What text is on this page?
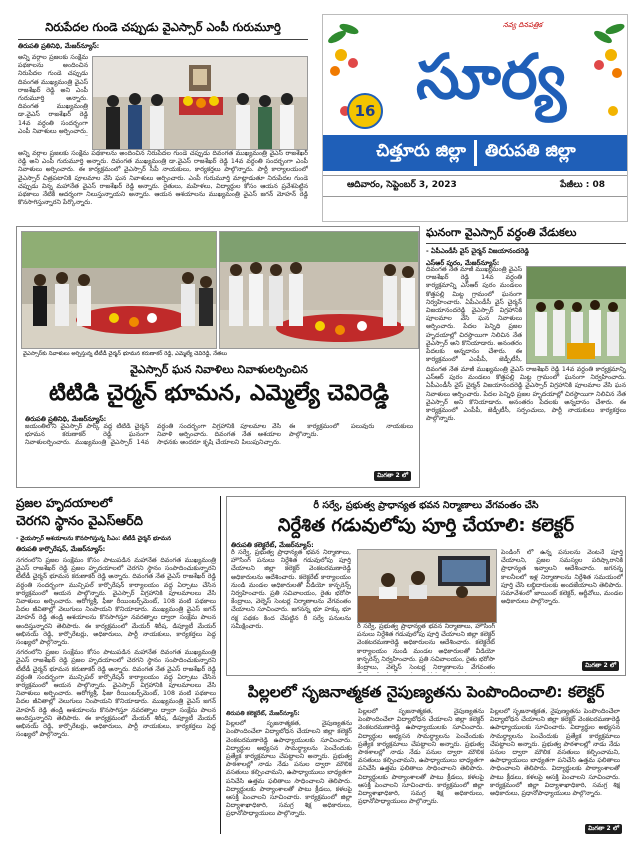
నిరుపేదల గుండె చప్పుడు వైఎస్సార్ ఎంపీ గురుమూర్తి
తిరుపతి ప్రతినిధి, మేజర్‌న్యూస్:

అన్ని వర్గాల ప్రజలకు సంక్షేమ పథకాలను అందించిన నిరుపేదల గుండె చప్పుడు దివంగత ముఖ్యమంత్రి వైఎస్ రాజశేఖర్ రెడ్డి అని ఎంపీ గురుమూర్తి అన్నారు. దివంగత ముఖ్యమంత్రి డా.వైఎస్ రాజశేఖర్ రెడ్డి 14వ వర్ధంతి సందర్భంగా ఎంపీ నివాళులు అర్పించారు.

అన్ని వర్గాల ప్రజలకు సంక్షేమ పథకాలను అందించిన నిరుపేదల గుండె చప్పుడు దివంగత ముఖ్యమంత్రి వైఎస్ రాజశేఖర్ రెడ్డి అని ఎంపీ గురుమూర్తి అన్నారు. దివంగత ముఖ్యమంత్రి డా.వైఎస్ రాజశేఖర్ రెడ్డి 14వ వర్ధంతి సందర్భంగా ఎంపీ నివాళులు అర్పించారు. ఈ కార్యక్రమంలో వైఎస్సార్ సీపీ నాయకులు, కార్యకర్తలు పాల్గొన్నారు. పార్టీ కార్యాలయంలో వైఎస్సార్ చిత్రపటానికి పూలమాల వేసి ఘన నివాళులు అర్పించారు. ఎంపీ గురుమూర్తి మాట్లాడుతూ నిరుపేదల గుండె చప్పుడు విన్న మహానేత వైఎస్ రాజశేఖర్ రెడ్డి అన్నారు. రైతులు, మహిళలు, విద్యార్థుల కోసం ఆయన ప్రవేశపెట్టిన పథకాలు నేటికీ ఆదర్శంగా నిలుస్తున్నాయని అన్నారు. ఆయన ఆశయాలను ముఖ్యమంత్రి వైఎస్ జగన్ మోహన్ రెడ్డి కొనసాగిస్తున్నారని పేర్కొన్నారు.

నవ్య దినపత్రిక
16 సూర్య
చిత్తూరు జిల్లా తిరుపతి జిల్లా
ఆదివారం, సెప్టెంబర్ 3, 2023	పేజీలు : 08
వైఎస్సార్‌కు నివాళులు అర్పిస్తున్న టీటీడీ చైర్మన్ భూమన కరుణాకర్ రెడ్డి, ఎమ్మెల్యే చెవిరెడ్డి, నేతలు
వైఎస్సార్ ఘన నివాళిలు నివాళులర్పించిన
టిటిడి చైర్మన్ భూమన, ఎమ్మెల్యే చెవిరెడ్డి
తిరుపతి ప్రతినిధి, మేజర్‌న్యూస్:

జయంతిలోని వైఎస్సార్ పార్క్ వద్ద టీటీడీ చైర్మన్ భూమన కరుణాకర్ రెడ్డి ఘనంగా నివాళులర్పించారు. ముఖ్యమంత్రి వైఎస్సార్ 14వ వర్ధంతి సందర్భంగా విగ్రహానికి పూలమాల వేసి నివాళి అర్పించారు. దివంగత నేత ఆశయాల సాధనకు అందరూ కృషి చేయాలని పిలుపునిచ్చారు. ఈ కార్యక్రమంలో పలువురు నాయకులు పాల్గొన్నారు.

మిగతా 2 లో
ఘనంగా వైఎస్సార్ వర్ధంతి వేడుకలు
- ఏపీఎండీసీ వైస్ చైర్మన్ విజయానందరెడ్డి
ఎస్ఆర్ పురం, మేజర్‌న్యూస్:

దివంగత నేత మాజీ ముఖ్యమంత్రి వైఎస్ రాజశేఖర్ రెడ్డి 14వ వర్ధంతి కార్యక్రమాన్ని ఎస్ఆర్ పురం మండలం కొత్తపల్లి మిట్ట గ్రామంలో ఘనంగా నిర్వహించారు. ఏపీఎండీసీ వైస్ చైర్మన్ విజయానందరెడ్డి వైఎస్సార్ విగ్రహానికి పూలమాల వేసి ఘన నివాళులు అర్పించారు. పేదల పెన్నిధి ప్రజల హృదయాల్లో చిరస్థాయిగా నిలిచిన నేత వైఎస్సార్ అని కొనియాడారు. అనంతరం పేదలకు అన్నదానం చేశారు. ఈ కార్యక్రమంలో ఎంపీపీ, జెడ్పీటీసీ,

దివంగత నేత మాజీ ముఖ్యమంత్రి వైఎస్ రాజశేఖర్ రెడ్డి 14వ వర్ధంతి కార్యక్రమాన్ని ఎస్ఆర్ పురం మండలం కొత్తపల్లి మిట్ట గ్రామంలో ఘనంగా నిర్వహించారు. ఏపీఎండీసీ వైస్ చైర్మన్ విజయానందరెడ్డి వైఎస్సార్ విగ్రహానికి పూలమాల వేసి ఘన నివాళులు అర్పించారు. పేదల పెన్నిధి ప్రజల హృదయాల్లో చిరస్థాయిగా నిలిచిన నేత వైఎస్సార్ అని కొనియాడారు. అనంతరం పేదలకు అన్నదానం చేశారు. ఈ కార్యక్రమంలో ఎంపీపీ, జెడ్పీటీసీ, సర్పంచులు, పార్టీ నాయకులు కార్యకర్తలు పాల్గొన్నారు.

ప్రజల హృదయాలలో
చెరగని స్థానం వైఎస్ఆర్‌ది
- వైయస్సార్ ఆశయాలను కొనసాగిస్తున్న సీఎం: టీటీడీ చైర్మన్ భూమన
తిరుపతి కార్పొరేషన్, మేజర్‌న్యూస్:

నగరంలోని ప్రజల సంక్షేమం కోసం పాటుపడిన మహానేత దివంగత ముఖ్యమంత్రి వైఎస్ రాజశేఖర్ రెడ్డి ప్రజల హృదయాలలో చెరగని స్థానం సంపాదించుకున్నారని టీటీడీ చైర్మన్ భూమన కరుణాకర్ రెడ్డి అన్నారు. దివంగత నేత వైఎస్ రాజశేఖర్ రెడ్డి వర్ధంతి సందర్భంగా మున్సిపల్ కార్పొరేషన్ కార్యాలయం వద్ద ఏర్పాటు చేసిన కార్యక్రమంలో ఆయన పాల్గొన్నారు. వైఎస్సార్ విగ్రహానికి పూలమాలలు వేసి నివాళులు అర్పించారు. ఆరోగ్యశ్రీ, ఫీజు రీయింబర్స్‌మెంట్, 108 వంటి పథకాలు పేదల జీవితాల్లో వెలుగులు నింపాయని కొనియాడారు. ముఖ్యమంత్రి వైఎస్ జగన్ మోహన్ రెడ్డి తండ్రి ఆశయాలను కొనసాగిస్తూ నవరత్నాల ద్వారా సంక్షేమ పాలన అందిస్తున్నారని తెలిపారు. ఈ కార్యక్రమంలో మేయర్ శిరీష, డిప్యూటీ మేయర్ అభినయ్ రెడ్డి, కార్పొరేటర్లు, అధికారులు, పార్టీ నాయకులు, కార్యకర్తలు పెద్ద సంఖ్యలో పాల్గొన్నారు.

నగరంలోని ప్రజల సంక్షేమం కోసం పాటుపడిన మహానేత దివంగత ముఖ్యమంత్రి వైఎస్ రాజశేఖర్ రెడ్డి ప్రజల హృదయాలలో చెరగని స్థానం సంపాదించుకున్నారని టీటీడీ చైర్మన్ భూమన కరుణాకర్ రెడ్డి అన్నారు. దివంగత నేత వైఎస్ రాజశేఖర్ రెడ్డి వర్ధంతి సందర్భంగా మున్సిపల్ కార్పొరేషన్ కార్యాలయం వద్ద ఏర్పాటు చేసిన కార్యక్రమంలో ఆయన పాల్గొన్నారు. వైఎస్సార్ విగ్రహానికి పూలమాలలు వేసి నివాళులు అర్పించారు. ఆరోగ్యశ్రీ, ఫీజు రీయింబర్స్‌మెంట్, 108 వంటి పథకాలు పేదల జీవితాల్లో వెలుగులు నింపాయని కొనియాడారు. ముఖ్యమంత్రి వైఎస్ జగన్ మోహన్ రెడ్డి తండ్రి ఆశయాలను కొనసాగిస్తూ నవరత్నాల ద్వారా సంక్షేమ పాలన అందిస్తున్నారని తెలిపారు. ఈ కార్యక్రమంలో మేయర్ శిరీష, డిప్యూటీ మేయర్ అభినయ్ రెడ్డి, కార్పొరేటర్లు, అధికారులు, పార్టీ నాయకులు, కార్యకర్తలు పెద్ద సంఖ్యలో పాల్గొన్నారు.

రీ సర్వే, ప్రభుత్వ ప్రాధాన్యత భవన నిర్మాణాలు వేగవంతం చేసి
నిర్దేశిత గడువులోపు పూర్తి చేయాలి: కలెక్టర్
తిరుపతి కలెక్టరేట్, మేజర్‌న్యూస్:

రీ సర్వే, ప్రభుత్వ ప్రాధాన్యత భవన నిర్మాణాలు, హౌసింగ్ పనులు నిర్దేశిత గడువులోపు పూర్తి చేయాలని జిల్లా కలెక్టర్ వెంకటరమణారెడ్డి అధికారులను ఆదేశించారు. కలెక్టరేట్ కార్యాలయం నుండి మండల అధికారులతో వీడియో కాన్ఫరెన్స్ నిర్వహించారు. ప్రతి సచివాలయం, రైతు భరోసా కేంద్రాలు, వెల్నెస్ సెంటర్ల నిర్మాణాలను వేగవంతం చేయాలని సూచించారు. జగనన్న భూ హక్కు భూ రక్ష పథకం కింద చేపట్టిన రీ సర్వే పనులను సమీక్షించారు.	రీ సర్వే, ప్రభుత్వ ప్రాధాన్యత భవన నిర్మాణాలు, హౌసింగ్ పనులు నిర్దేశిత గడువులోపు పూర్తి చేయాలని జిల్లా కలెక్టర్ వెంకటరమణారెడ్డి అధికారులను ఆదేశించారు. కలెక్టరేట్ కార్యాలయం నుండి మండల అధికారులతో వీడియో కాన్ఫరెన్స్ నిర్వహించారు. ప్రతి సచివాలయం, రైతు భరోసా కేంద్రాలు, వెల్నెస్ సెంటర్ల నిర్మాణాలను వేగవంతం

పెండింగ్ లో ఉన్న పనులను వెంటనే పూర్తి చేయాలని, ప్రజల సమస్యల పరిష్కారానికి ప్రాధాన్యత ఇవ్వాలని ఆదేశించారు. జగనన్న కాలనీలలో ఇళ్ల నిర్మాణాలను నిర్దేశిత సమయంలో పూర్తి చేసి లబ్ధిదారులకు అందజేయాలని తెలిపారు. సమావేశంలో జాయింట్ కలెక్టర్, ఆర్డీవోలు, మండల అధికారులు పాల్గొన్నారు.

మిగతా 2 లో
పిల్లలలో సృజనాత్మకత నైపుణ్యతను పెంపొందించాలి: కలెక్టర్
తిరుపతి కలెక్టరేట్, మేజర్‌న్యూస్:

పిల్లలలో సృజనాత్మకత, నైపుణ్యతను పెంపొందించేలా విద్యాబోధన చేయాలని జిల్లా కలెక్టర్ వెంకటరమణారెడ్డి ఉపాధ్యాయులకు సూచించారు. విద్యార్థుల అభ్యసన సామర్థ్యాలను పెంచేందుకు ప్రత్యేక కార్యక్రమాలు చేపట్టాలని అన్నారు. ప్రభుత్వ పాఠశాలల్లో నాడు నేడు పనుల ద్వారా మౌలిక వసతులు కల్పించామని, ఉపాధ్యాయులు బాధ్యతగా పనిచేసి ఉత్తమ ఫలితాలు సాధించాలని తెలిపారు. విద్యార్థులకు పాఠ్యాంశాలతో పాటు క్రీడలు, కళలపై ఆసక్తి పెంచాలని సూచించారు. కార్యక్రమంలో జిల్లా విద్యాశాఖాధికారి, సమగ్ర శిక్ష అధికారులు, ప్రధానోపాధ్యాయులు పాల్గొన్నారు.

పిల్లలలో సృజనాత్మకత, నైపుణ్యతను పెంపొందించేలా విద్యాబోధన చేయాలని జిల్లా కలెక్టర్ వెంకటరమణారెడ్డి ఉపాధ్యాయులకు సూచించారు. విద్యార్థుల అభ్యసన సామర్థ్యాలను పెంచేందుకు ప్రత్యేక కార్యక్రమాలు చేపట్టాలని అన్నారు. ప్రభుత్వ పాఠశాలల్లో నాడు నేడు పనుల ద్వారా మౌలిక వసతులు కల్పించామని, ఉపాధ్యాయులు బాధ్యతగా పనిచేసి ఉత్తమ ఫలితాలు సాధించాలని తెలిపారు. విద్యార్థులకు పాఠ్యాంశాలతో పాటు క్రీడలు, కళలపై ఆసక్తి పెంచాలని సూచించారు. కార్యక్రమంలో జిల్లా విద్యాశాఖాధికారి, సమగ్ర శిక్ష అధికారులు, ప్రధానోపాధ్యాయులు పాల్గొన్నారు.

పిల్లలలో సృజనాత్మకత, నైపుణ్యతను పెంపొందించేలా విద్యాబోధన చేయాలని జిల్లా కలెక్టర్ వెంకటరమణారెడ్డి ఉపాధ్యాయులకు సూచించారు. విద్యార్థుల అభ్యసన సామర్థ్యాలను పెంచేందుకు ప్రత్యేక కార్యక్రమాలు చేపట్టాలని అన్నారు. ప్రభుత్వ పాఠశాలల్లో నాడు నేడు పనుల ద్వారా మౌలిక వసతులు కల్పించామని, ఉపాధ్యాయులు బాధ్యతగా పనిచేసి ఉత్తమ ఫలితాలు సాధించాలని తెలిపారు. విద్యార్థులకు పాఠ్యాంశాలతో పాటు క్రీడలు, కళలపై ఆసక్తి పెంచాలని సూచించారు. కార్యక్రమంలో జిల్లా విద్యాశాఖాధికారి, సమగ్ర శిక్ష అధికారులు, ప్రధానోపాధ్యాయులు పాల్గొన్నారు.

మిగతా 2 లో
